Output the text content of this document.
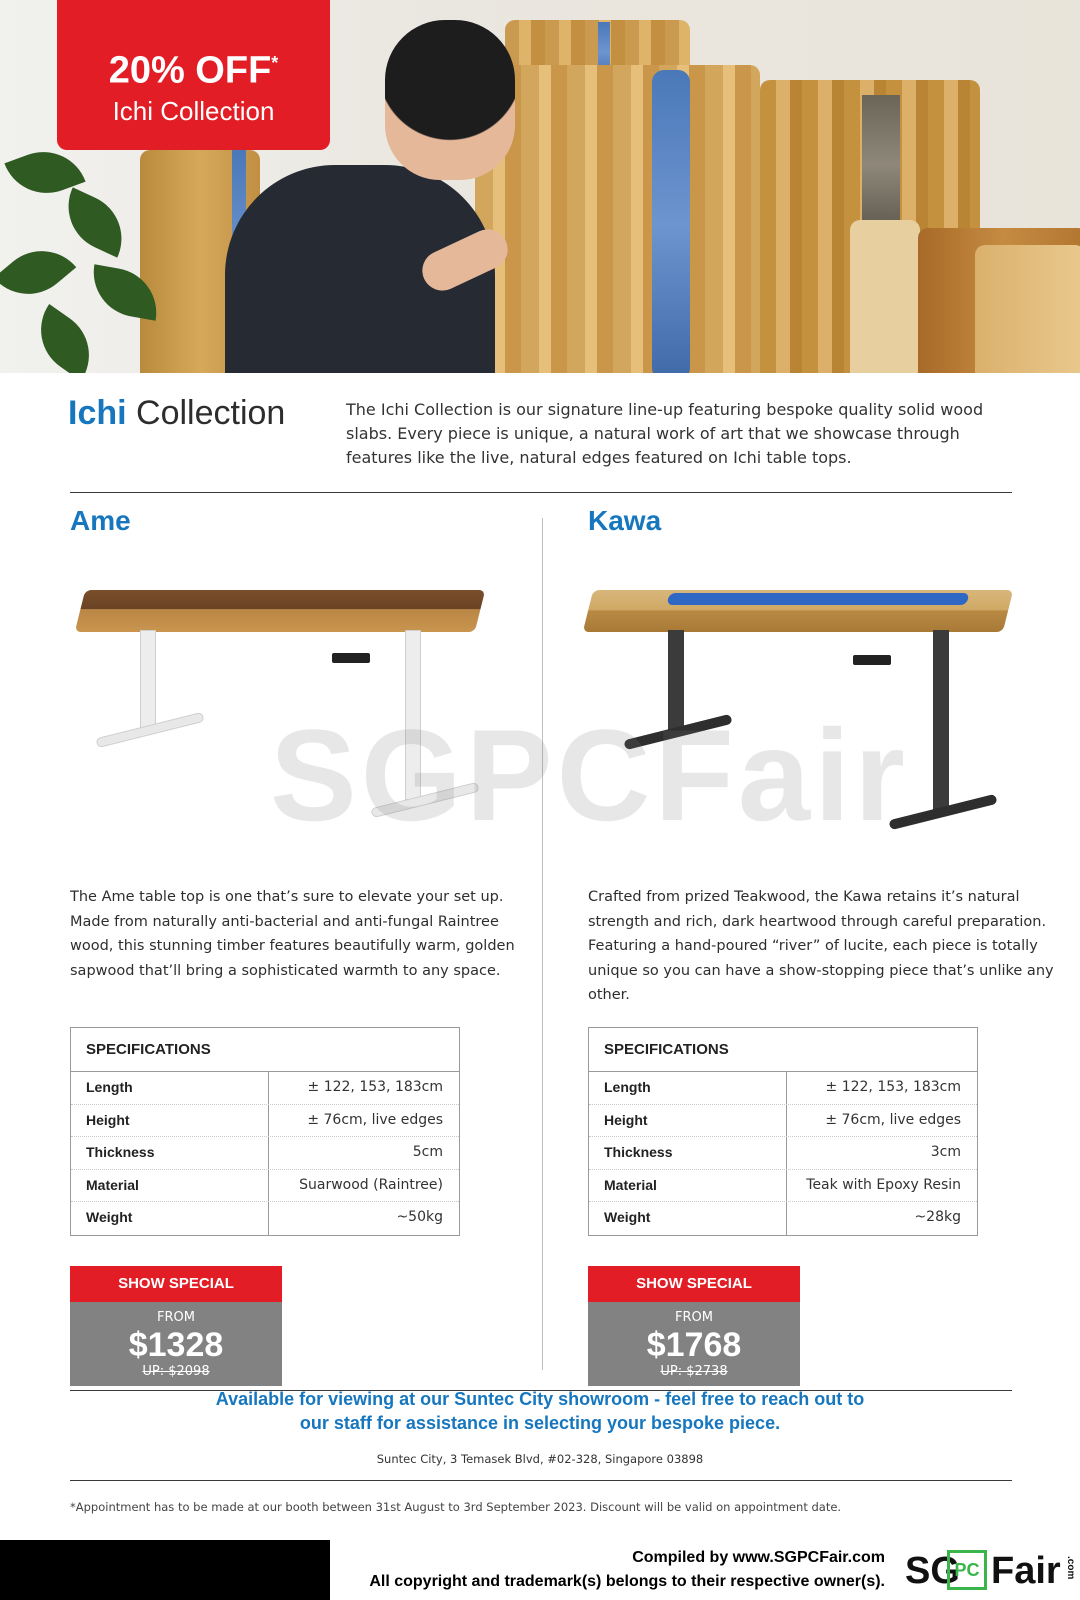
20% OFF*
Ichi Collection
Ichi Collection	The Ichi Collection is our signature line-up featuring bespoke quality solid wood slabs. Every piece is unique, a natural work of art that we showcase through features like the live, natural edges featured on Ichi table tops.
Ame
The Ame table top is one that’s sure to elevate your set up. Made from naturally anti-bacterial and anti-fungal Raintree wood, this stunning timber features beautifully warm, golden sapwood that’ll bring a sophisticated warmth to any space.
SPECIFICATIONS
Length	± 122, 153, 183cm
Height	± 76cm, live edges
Thickness	5cm
Material	Suarwood (Raintree)
Weight	~50kg
SHOW SPECIAL
FROM
$1328
UP: $2098
Kawa
Crafted from prized Teakwood, the Kawa retains it’s natural strength and rich, dark heartwood through careful preparation. Featuring a hand-poured “river” of lucite, each piece is totally unique so you can have a show-stopping piece that’s unlike any other.
SPECIFICATIONS
Length	± 122, 153, 183cm
Height	± 76cm, live edges
Thickness	3cm
Material	Teak with Epoxy Resin
Weight	~28kg
SHOW SPECIAL
FROM
$1768
UP: $2738
SGPCFair
Available for viewing at our Suntec City showroom - feel free to reach out to
our staff for assistance in selecting your bespoke piece.
Suntec City, 3 Temasek Blvd, #02-328, Singapore 03898
*Appointment has to be made at our booth between 31st August to 3rd September 2023. Discount will be valid on appointment date.
Compiled by www.SGPCFair.com
All copyright and trademark(s) belongs to their respective owner(s). SG
PC Fair .com
